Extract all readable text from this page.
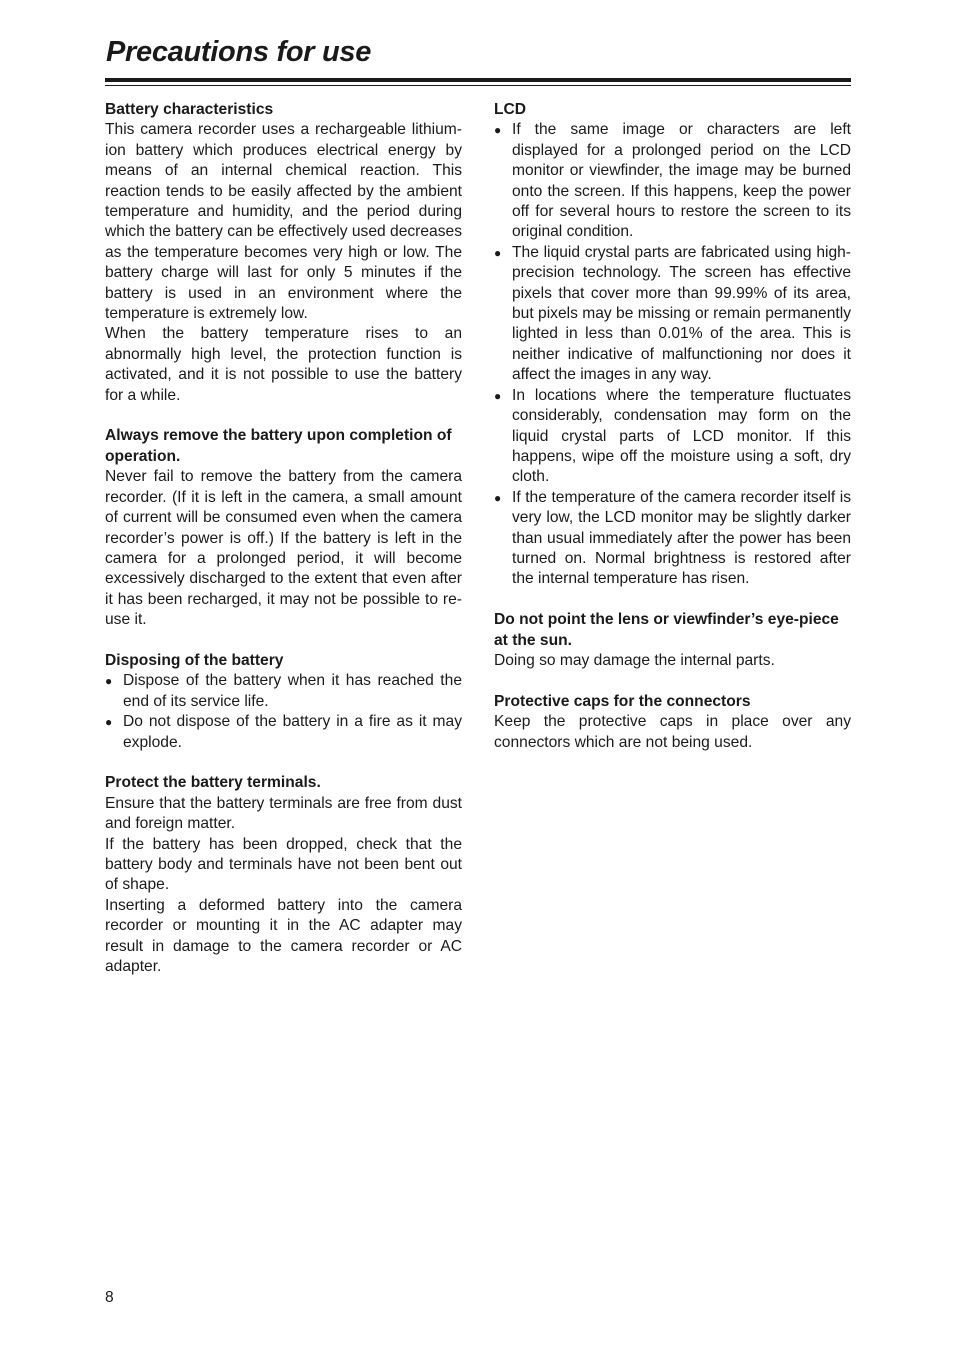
Precautions for use
Battery characteristics
This camera recorder uses a rechargeable lithium-ion battery which produces electrical energy by means of an internal chemical reaction. This reaction tends to be easily affected by the ambient temperature and humidity, and the period during which the battery can be effectively used decreases as the temperature becomes very high or low. The battery charge will last for only 5 minutes if the battery is used in an environment where the temperature is extremely low.
When the battery temperature rises to an abnormally high level, the protection function is activated, and it is not possible to use the battery for a while.
Always remove the battery upon completion of operation.
Never fail to remove the battery from the camera recorder. (If it is left in the camera, a small amount of current will be consumed even when the camera recorder’s power is off.) If the battery is left in the camera for a prolonged period, it will become excessively discharged to the extent that even after it has been recharged, it may not be possible to re-use it.
Disposing of the battery
● Dispose of the battery when it has reached the end of its service life.
● Do not dispose of the battery in a fire as it may explode.
Protect the battery terminals.
Ensure that the battery terminals are free from dust and foreign matter.
If the battery has been dropped, check that the battery body and terminals have not been bent out of shape.
Inserting a deformed battery into the camera recorder or mounting it in the AC adapter may result in damage to the camera recorder or AC adapter.
LCD
● If the same image or characters are left displayed for a prolonged period on the LCD monitor or viewfinder, the image may be burned onto the screen. If this happens, keep the power off for several hours to restore the screen to its original condition.
● The liquid crystal parts are fabricated using high-precision technology. The screen has effective pixels that cover more than 99.99% of its area, but pixels may be missing or remain permanently lighted in less than 0.01% of the area. This is neither indicative of malfunctioning nor does it affect the images in any way.
● In locations where the temperature fluctuates considerably, condensation may form on the liquid crystal parts of LCD monitor. If this happens, wipe off the moisture using a soft, dry cloth.
● If the temperature of the camera recorder itself is very low, the LCD monitor may be slightly darker than usual immediately after the power has been turned on. Normal brightness is restored after the internal temperature has risen.
Do not point the lens or viewfinder’s eye-piece at the sun.
Doing so may damage the internal parts.
Protective caps for the connectors
Keep the protective caps in place over any connectors which are not being used.
8
